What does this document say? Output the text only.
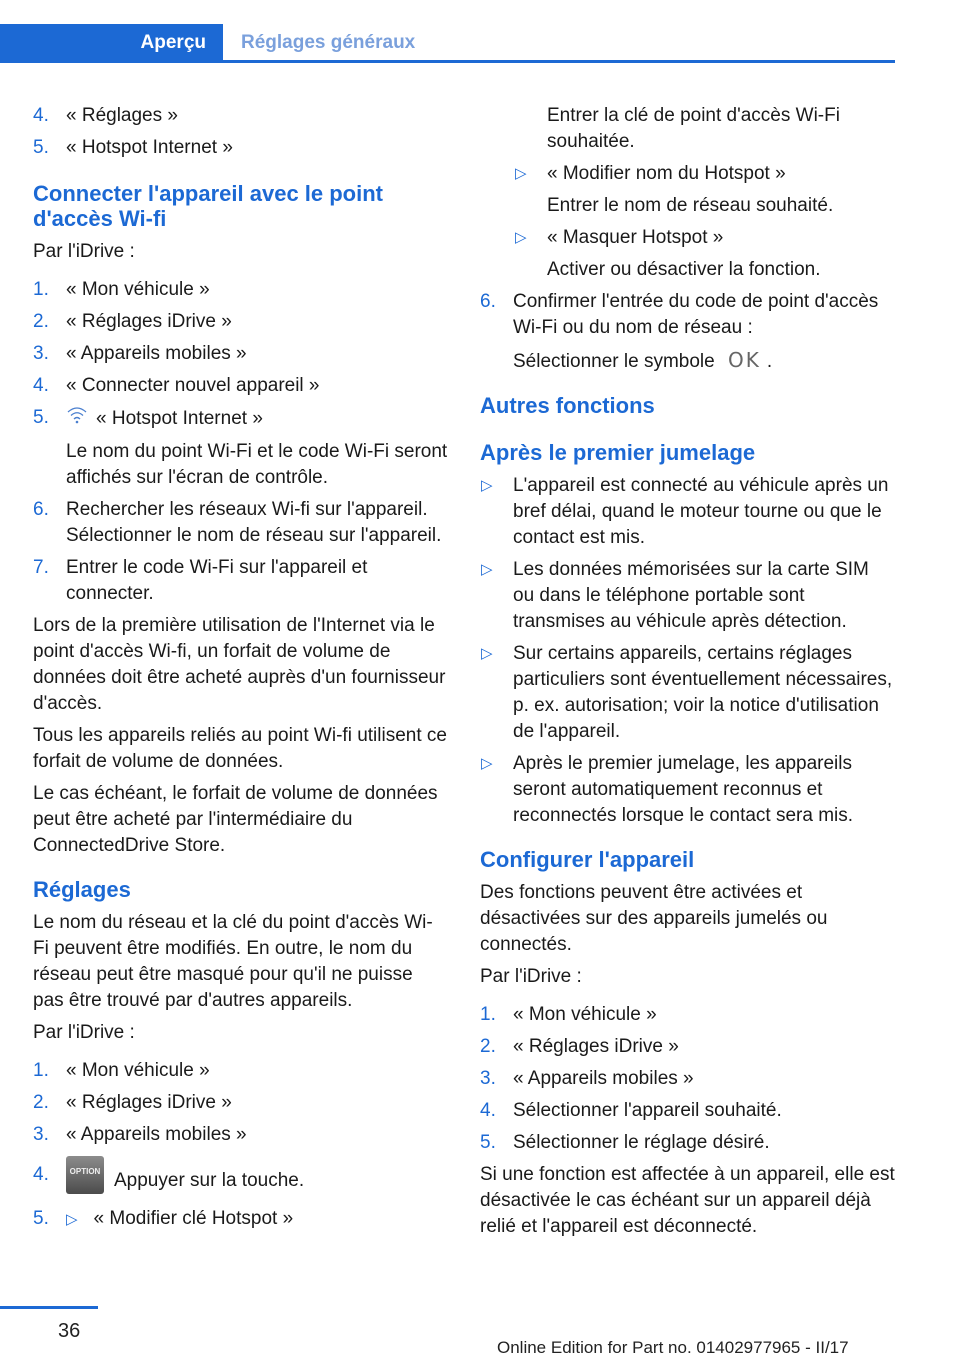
Aperçu	Réglages généraux
4. « Réglages »
5. « Hotspot Internet »
Connecter l'appareil avec le point d'accès Wi-fi

Par l'iDrive :

1. « Mon véhicule »
2. « Réglages iDrive »
3. « Appareils mobiles »
4. « Connecter nouvel appareil »
5. « Hotspot Internet »

Le nom du point Wi-Fi et le code Wi-Fi seront affichés sur l'écran de contrôle.

6. Rechercher les réseaux Wi-fi sur l'appareil. Sélectionner le nom de réseau sur l'appareil.
7. Entrer le code Wi-Fi sur l'appareil et connecter.

Lors de la première utilisation de l'Internet via le point d'accès Wi-fi, un forfait de volume de données doit être acheté auprès d'un fournisseur d'accès.

Tous les appareils reliés au point Wi-fi utilisent ce forfait de volume de données.

Le cas échéant, le forfait de volume de données peut être acheté par l'intermédiaire du ConnectedDrive Store.

Réglages

Le nom du réseau et la clé du point d'accès Wi-Fi peuvent être modifiés. En outre, le nom du réseau peut être masqué pour qu'il ne puisse pas être trouvé par d'autres appareils.

Par l'iDrive :

1. « Mon véhicule »
2. « Réglages iDrive »
3. « Appareils mobiles »
4.	OPTION Appuyer sur la touche.
5. ▷ « Modifier clé Hotspot »

Entrer la clé de point d'accès Wi-Fi souhaitée.

▷ « Modifier nom du Hotspot »

Entrer le nom de réseau souhaité.

▷ « Masquer Hotspot »

Activer ou désactiver la fonction.

6. Confirmer l'entrée du code de point d'accès Wi-Fi ou du nom de réseau :

Sélectionner le symbole OK .

Autres fonctions
Après le premier jumelage
▷ L'appareil est connecté au véhicule après un bref délai, quand le moteur tourne ou que le contact est mis.
▷ Les données mémorisées sur la carte SIM ou dans le téléphone portable sont transmises au véhicule après détection.
▷ Sur certains appareils, certains réglages particuliers sont éventuellement nécessaires, p. ex. autorisation; voir la notice d'utilisation de l'appareil.
▷ Après le premier jumelage, les appareils seront automatiquement reconnus et reconnectés lorsque le contact sera mis.
Configurer l'appareil

Des fonctions peuvent être activées et désactivées sur des appareils jumelés ou connectés.

Par l'iDrive :

1. « Mon véhicule »
2. « Réglages iDrive »
3. « Appareils mobiles »
4. Sélectionner l'appareil souhaité.
5. Sélectionner le réglage désiré.

Si une fonction est affectée à un appareil, elle est désactivée le cas échéant sur un appareil déjà relié et l'appareil est déconnecté.

36
Online Edition for Part no. 01402977965 - II/17
